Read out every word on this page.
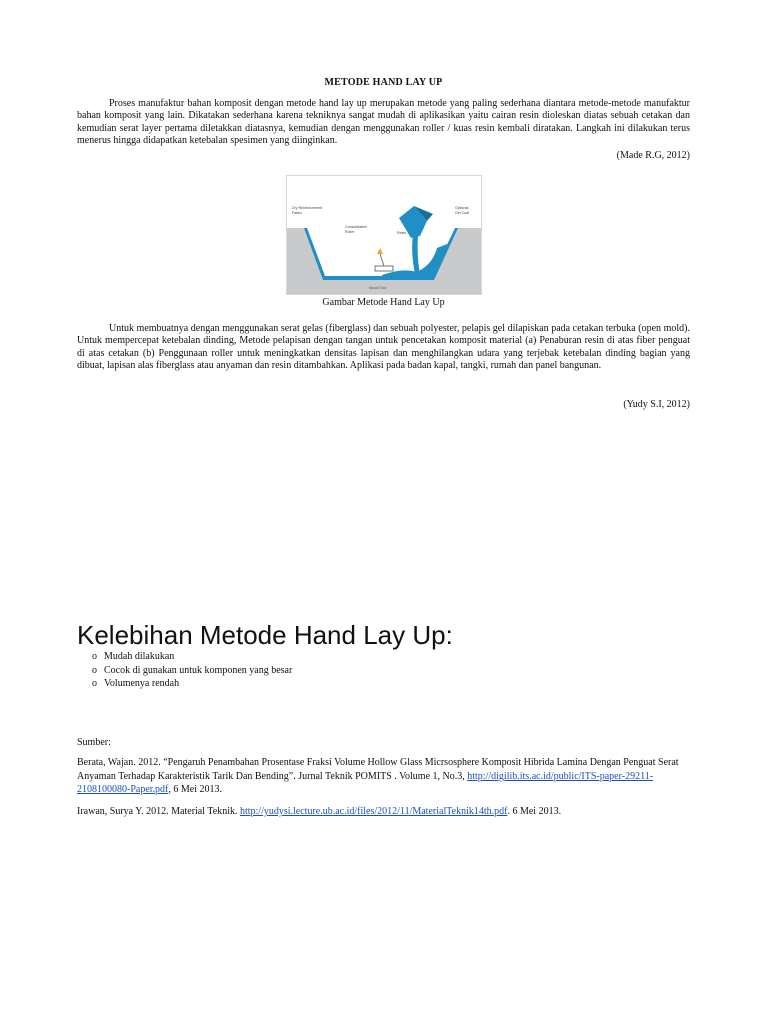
METODE HAND LAY UP

Proses manufaktur bahan komposit dengan metode hand lay up merupakan metode yang paling sederhana diantara metode-metode manufaktur bahan komposit yang lain. Dikatakan sederhana karena tekniknya sangat mudah di aplikasikan yaitu cairan resin dioleskan diatas sebuah cetakan dan kemudian serat layer pertama diletakkan diatasnya, kemudian dengan menggunakan roller / kuas resin kembali diratakan. Langkah ini dilakukan terus menerus hingga didapatkan ketebalan spesimen yang diinginkan.

(Made R.G, 2012)
Dry Reinforcement
Fabric
Consolidation
Roller	Resin
Optional
Gel Coat
Mould Tool
Gambar Metode Hand Lay Up

Untuk membuatnya dengan menggunakan serat gelas (fiberglass) dan sebuah polyester, pelapis gel dilapiskan pada cetakan terbuka (open mold). Untuk mempercepat ketebalan dinding, Metode pelapisan dengan tangan untuk pencetakan komposit material (a) Penaburan resin di atas fiber penguat di atas cetakan (b) Penggunaan roller untuk meningkatkan densitas lapisan dan menghilangkan udara yang terjebak ketebalan dinding bagian yang dibuat, lapisan alas fiberglass atau anyaman dan resin ditambahkan. Aplikasi pada badan kapal, tangki, rumah dan panel bangunan.

(Yudy S.I, 2012)
Kelebihan Metode Hand Lay Up:
o Mudah dilakukan
o Cocok di gunakan untuk komponen yang besar
o Volumenya rendah
Sumber:

Berata, Wajan. 2012. “Pengaruh Penambahan Prosentase Fraksi Volume Hollow Glass Micrsosphere Komposit Hibrida Lamina Dengan Penguat Serat Anyaman Terhadap Karakteristik Tarik Dan Bending”. Jurnal Teknik POMITS . Volume 1, No.3, http://digilib.its.ac.id/public/ITS-paper-29211-2108100080-Paper.pdf, 6 Mei 2013.

Irawan, Surya Y. 2012. Material Teknik. http://yudysi.lecture.ub.ac.id/files/2012/11/MaterialTeknik14th.pdf. 6 Mei 2013.
